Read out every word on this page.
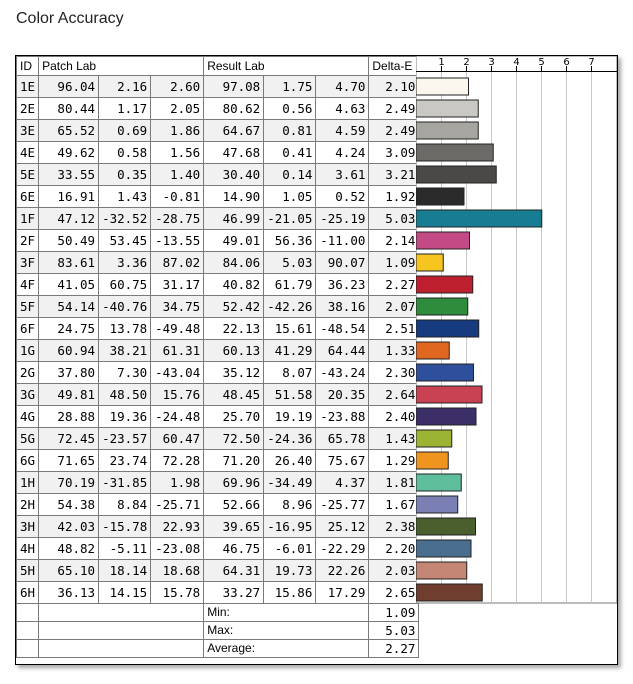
Color Accuracy
ID	Patch Lab			Result Lab			Delta-E
1E	96.04	2.16	2.60	97.08	1.75	4.70	2.10
2E	80.44	1.17	2.05	80.62	0.56	4.63	2.49
3E	65.52	0.69	1.86	64.67	0.81	4.59	2.49
4E	49.62	0.58	1.56	47.68	0.41	4.24	3.09
5E	33.55	0.35	1.40	30.40	0.14	3.61	3.21
6E	16.91	1.43	-0.81	14.90	1.05	0.52	1.92
1F	47.12	-32.52	-28.75	46.99	-21.05	-25.19	5.03
2F	50.49	53.45	-13.55	49.01	56.36	-11.00	2.14
3F	83.61	3.36	87.02	84.06	5.03	90.07	1.09
4F	41.05	60.75	31.17	40.82	61.79	36.23	2.27
5F	54.14	-40.76	34.75	52.42	-42.26	38.16	2.07
6F	24.75	13.78	-49.48	22.13	15.61	-48.54	2.51
1G	60.94	38.21	61.31	60.13	41.29	64.44	1.33
2G	37.80	7.30	-43.04	35.12	8.07	-43.24	2.30
3G	49.81	48.50	15.76	48.45	51.58	20.35	2.64
4G	28.88	19.36	-24.48	25.70	19.19	-23.88	2.40
5G	72.45	-23.57	60.47	72.50	-24.36	65.78	1.43
6G	71.65	23.74	72.28	71.20	26.40	75.67	1.29
1H	70.19	-31.85	1.98	69.96	-34.49	4.37	1.81
2H	54.38	8.84	-25.71	52.66	8.96	-25.77	1.67
3H	42.03	-15.78	22.93	39.65	-16.95	25.12	2.38
4H	48.82	-5.11	-23.08	46.75	-6.01	-22.29	2.20
5H	65.10	18.14	18.68	64.31	19.73	22.26	2.03
6H	36.13	14.15	15.78	33.27	15.86	17.29	2.65
				Min:			1.09
				Max:			5.03
				Average:			2.27
1 2 3 4 5 6 7
